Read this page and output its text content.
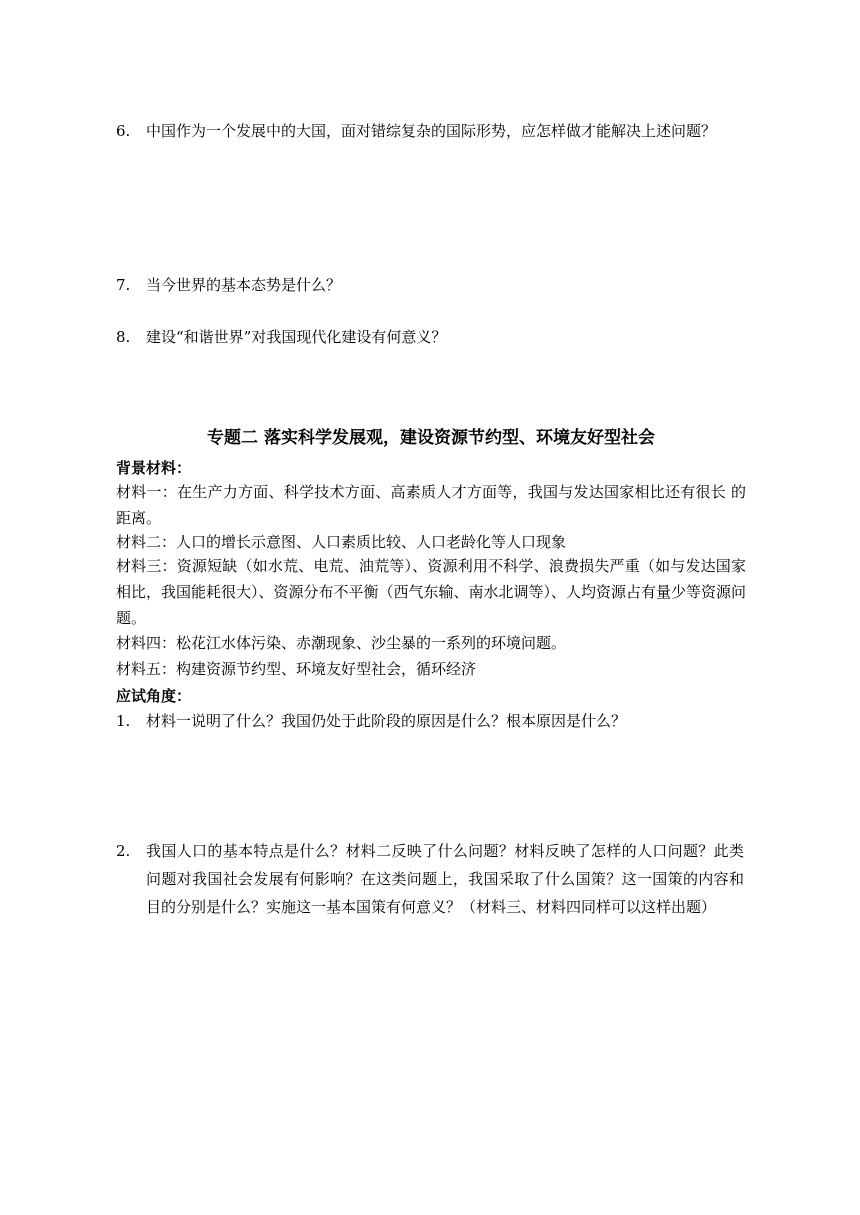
6.	中国作为一个发展中的大国，面对错综复杂的国际形势，应怎样做才能解决上述问题？
7.	当今世界的基本态势是什么？
8.	建设“和谐世界”对我国现代化建设有何意义？
专题二 落实科学发展观，建设资源节约型、环境友好型社会
背景材料：
材料一：在生产力方面、科学技术方面、高素质人才方面等，我国与发达国家相比还有很长 的距离。
材料二：人口的增长示意图、人口素质比较、人口老龄化等人口现象
材料三：资源短缺（如水荒、电荒、油荒等）、资源利用不科学、浪费损失严重（如与发达国家相比，我国能耗很大）、资源分布不平衡（西气东输、南水北调等）、人均资源占有量少等资源问题。
材料四：松花江水体污染、赤潮现象、沙尘暴的一系列的环境问题。
材料五：构建资源节约型、环境友好型社会，循环经济
应试角度：
1.	材料一说明了什么？我国仍处于此阶段的原因是什么？根本原因是什么？
2.	我国人口的基本特点是什么？材料二反映了什么问题？材料反映了怎样的人口问题？此类问题对我国社会发展有何影响？在这类问题上，我国采取了什么国策？这一国策的内容和目的分别是什么？实施这一基本国策有何意义？（材料三、材料四同样可以这样出题）
